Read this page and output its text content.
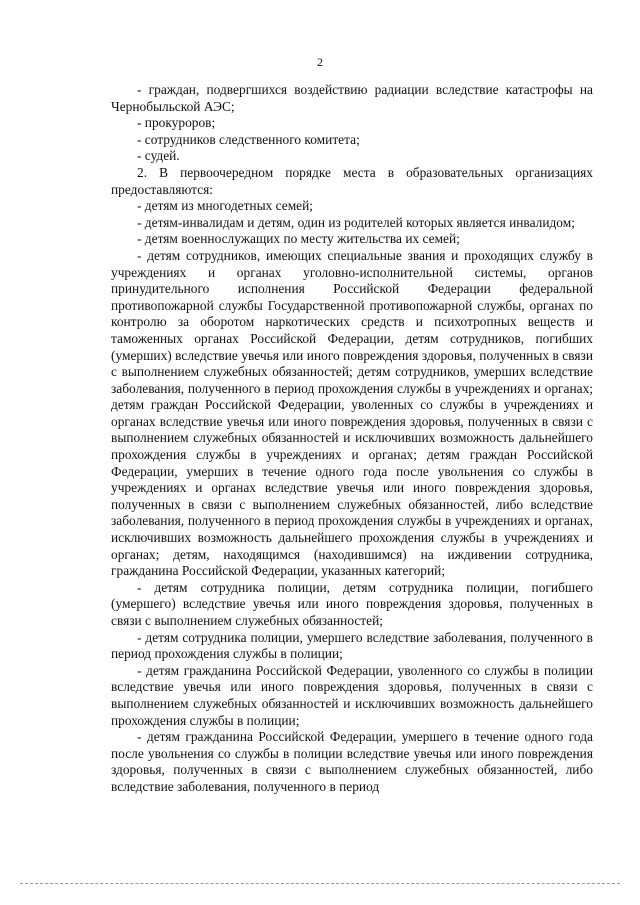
2

- граждан, подвергшихся воздействию радиации вследствие катастрофы на Чернобыльской АЭС;

- прокуроров;

- сотрудников следственного комитета;

- судей.

2. В первоочередном порядке места в образовательных организациях предоставляются:

- детям из многодетных семей;

- детям-инвалидам и детям, один из родителей которых является инвалидом;

- детям военнослужащих по месту жительства их семей;

- детям сотрудников, имеющих специальные звания и проходящих службу в учреждениях и органах уголовно-исполнительной системы, органов принудительного исполнения Российской Федерации федеральной противопожарной службы Государственной противопожарной службы, органах по контролю за оборотом наркотических средств и психотропных веществ и таможенных органах Российской Федерации, детям сотрудников, погибших (умерших) вследствие увечья или иного повреждения здоровья, полученных в связи с выполнением служебных обязанностей; детям сотрудников, умерших вследствие заболевания, полученного в период прохождения службы в учреждениях и органах; детям граждан Российской Федерации, уволенных со службы в учреждениях и органах вследствие увечья или иного повреждения здоровья, полученных в связи с выполнением служебных обязанностей и исключивших возможность дальнейшего прохождения службы в учреждениях и органах; детям граждан Российской Федерации, умерших в течение одного года после увольнения со службы в учреждениях и органах вследствие увечья или иного повреждения здоровья, полученных в связи с выполнением служебных обязанностей, либо вследствие заболевания, полученного в период прохождения службы в учреждениях и органах, исключивших возможность дальнейшего прохождения службы в учреждениях и органах; детям, находящимся (находившимся) на иждивении сотрудника, гражданина Российской Федерации, указанных категорий;

- детям сотрудника полиции, детям сотрудника полиции, погибшего (умершего) вследствие увечья или иного повреждения здоровья, полученных в связи с выполнением служебных обязанностей;

- детям сотрудника полиции, умершего вследствие заболевания, полученного в период прохождения службы в полиции;

- детям гражданина Российской Федерации, уволенного со службы в полиции вследствие увечья или иного повреждения здоровья, полученных в связи с выполнением служебных обязанностей и исключивших возможность дальнейшего прохождения службы в полиции;

- детям гражданина Российской Федерации, умершего в течение одного года после увольнения со службы в полиции вследствие увечья или иного повреждения здоровья, полученных в связи с выполнением служебных обязанностей, либо вследствие заболевания, полученного в период
